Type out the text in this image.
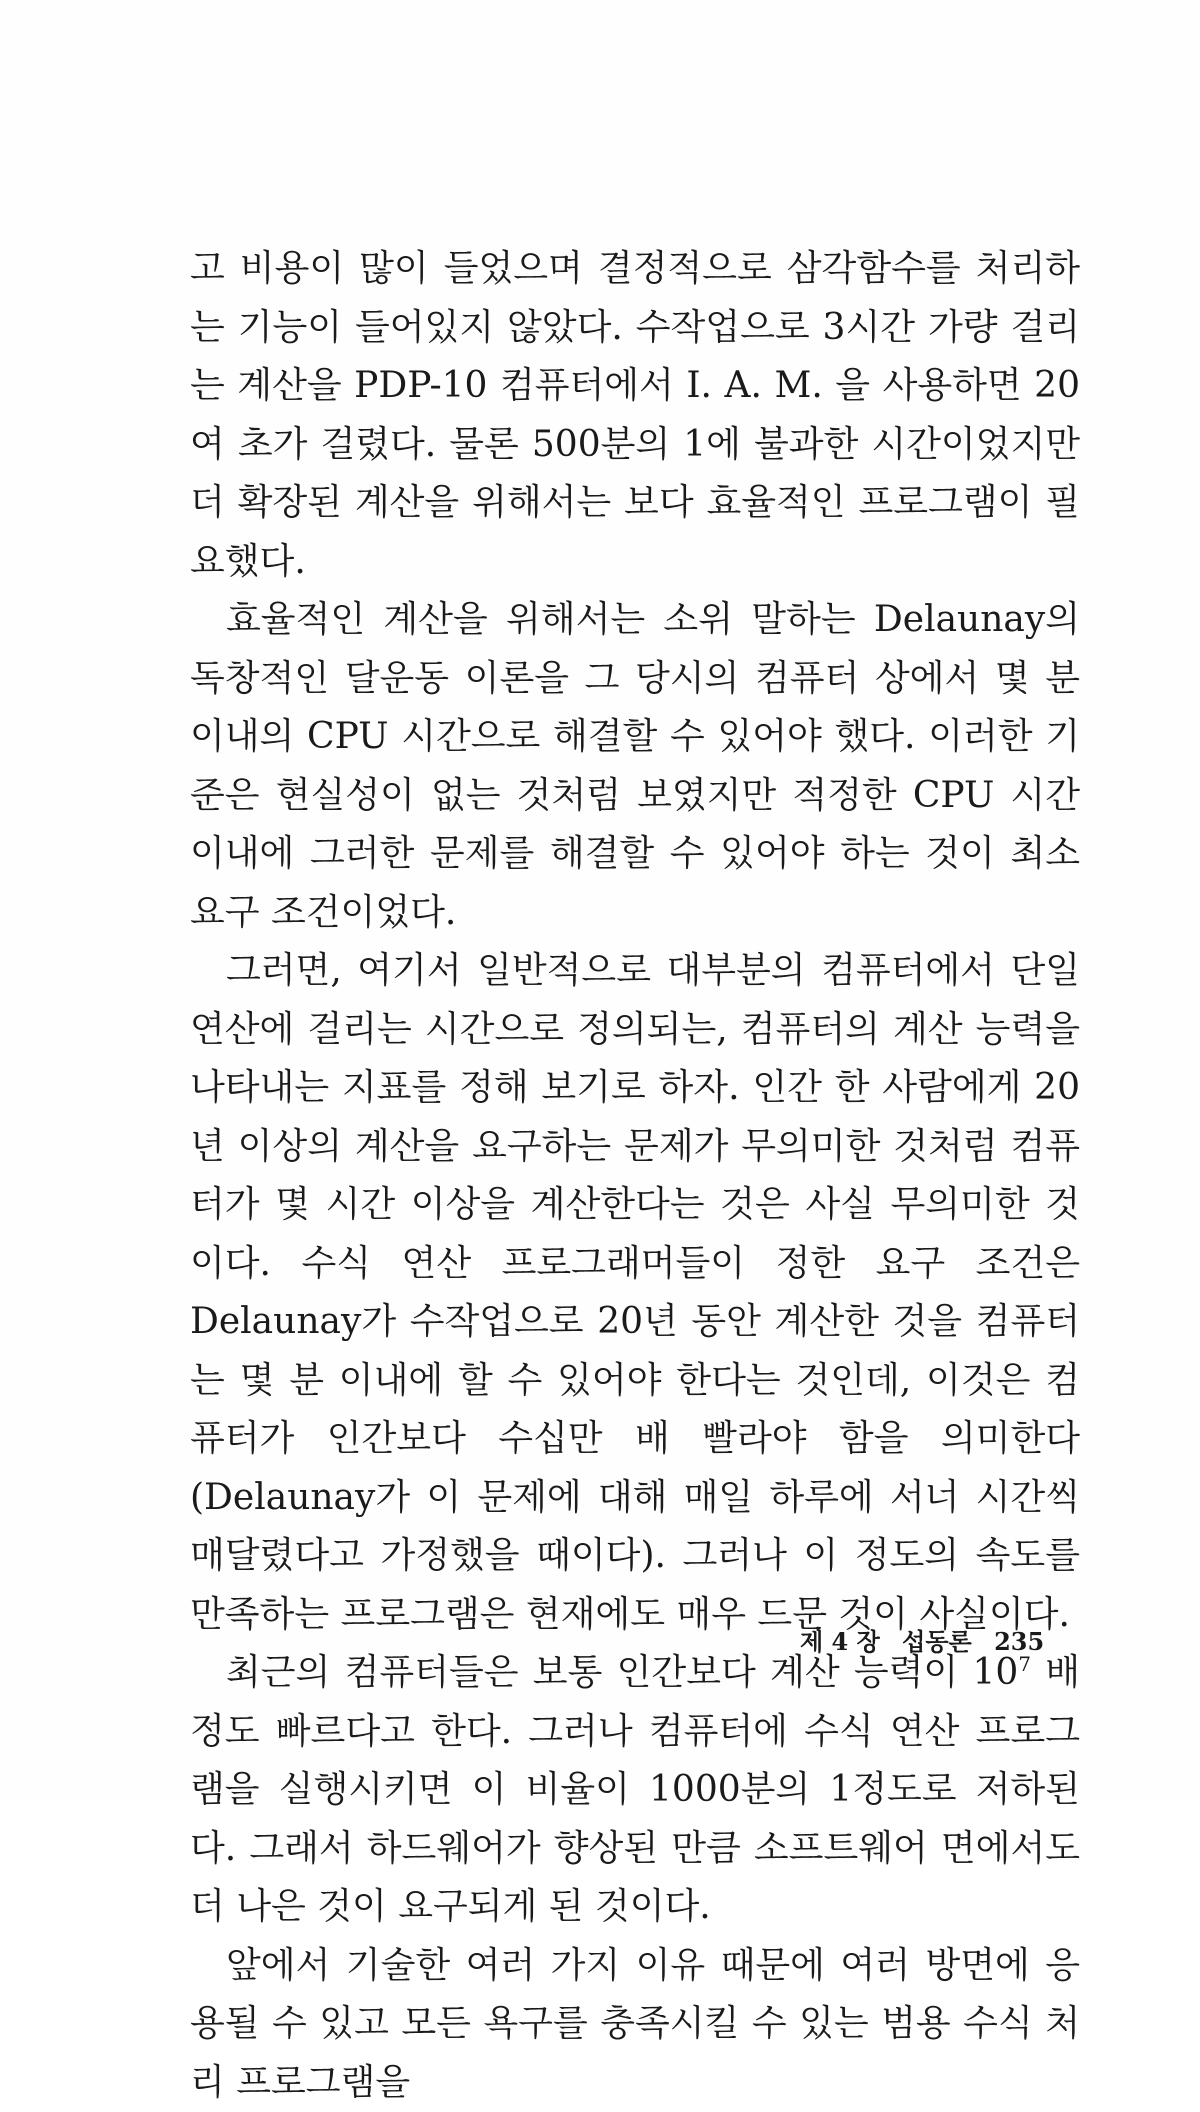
고 비용이 많이 들었으며 결정적으로 삼각함수를 처리하는 기능이 들어있지 않았다. 수작업으로 3시간 가량 걸리는 계산을 PDP-10 컴퓨터에서 I. A. M. 을 사용하면 20여 초가 걸렸다. 물론 500분의 1에 불과한 시간이었지만 더 확장된 계산을 위해서는 보다 효율적인 프로그램이 필요했다.

효율적인 계산을 위해서는 소위 말하는 Delaunay의 독창적인 달운동 이론을 그 당시의 컴퓨터 상에서 몇 분 이내의 CPU 시간으로 해결할 수 있어야 했다. 이러한 기준은 현실성이 없는 것처럼 보였지만 적정한 CPU 시간 이내에 그러한 문제를 해결할 수 있어야 하는 것이 최소 요구 조건이었다.

그러면, 여기서 일반적으로 대부분의 컴퓨터에서 단일 연산에 걸리는 시간으로 정의되는, 컴퓨터의 계산 능력을 나타내는 지표를 정해 보기로 하자. 인간 한 사람에게 20년 이상의 계산을 요구하는 문제가 무의미한 것처럼 컴퓨터가 몇 시간 이상을 계산한다는 것은 사실 무의미한 것이다. 수식 연산 프로그래머들이 정한 요구 조건은 Delaunay가 수작업으로 20년 동안 계산한 것을 컴퓨터는 몇 분 이내에 할 수 있어야 한다는 것인데, 이것은 컴퓨터가 인간보다 수십만 배 빨라야 함을 의미한다(Delaunay가 이 문제에 대해 매일 하루에 서너 시간씩 매달렸다고 가정했을 때이다). 그러나 이 정도의 속도를 만족하는 프로그램은 현재에도 매우 드문 것이 사실이다.

최근의 컴퓨터들은 보통 인간보다 계산 능력이 $10^7$ 배 정도 빠르다고 한다. 그러나 컴퓨터에 수식 연산 프로그램을 실행시키면 이 비율이 1000분의 1정도로 저하된다. 그래서 하드웨어가 향상된 만큼 소프트웨어 면에서도 더 나은 것이 요구되게 된 것이다.

앞에서 기술한 여러 가지 이유 때문에 여러 방면에 응용될 수 있고 모든 욕구를 충족시킬 수 있는 범용 수식 처리 프로그램을

제 4 장 섭동론 235
